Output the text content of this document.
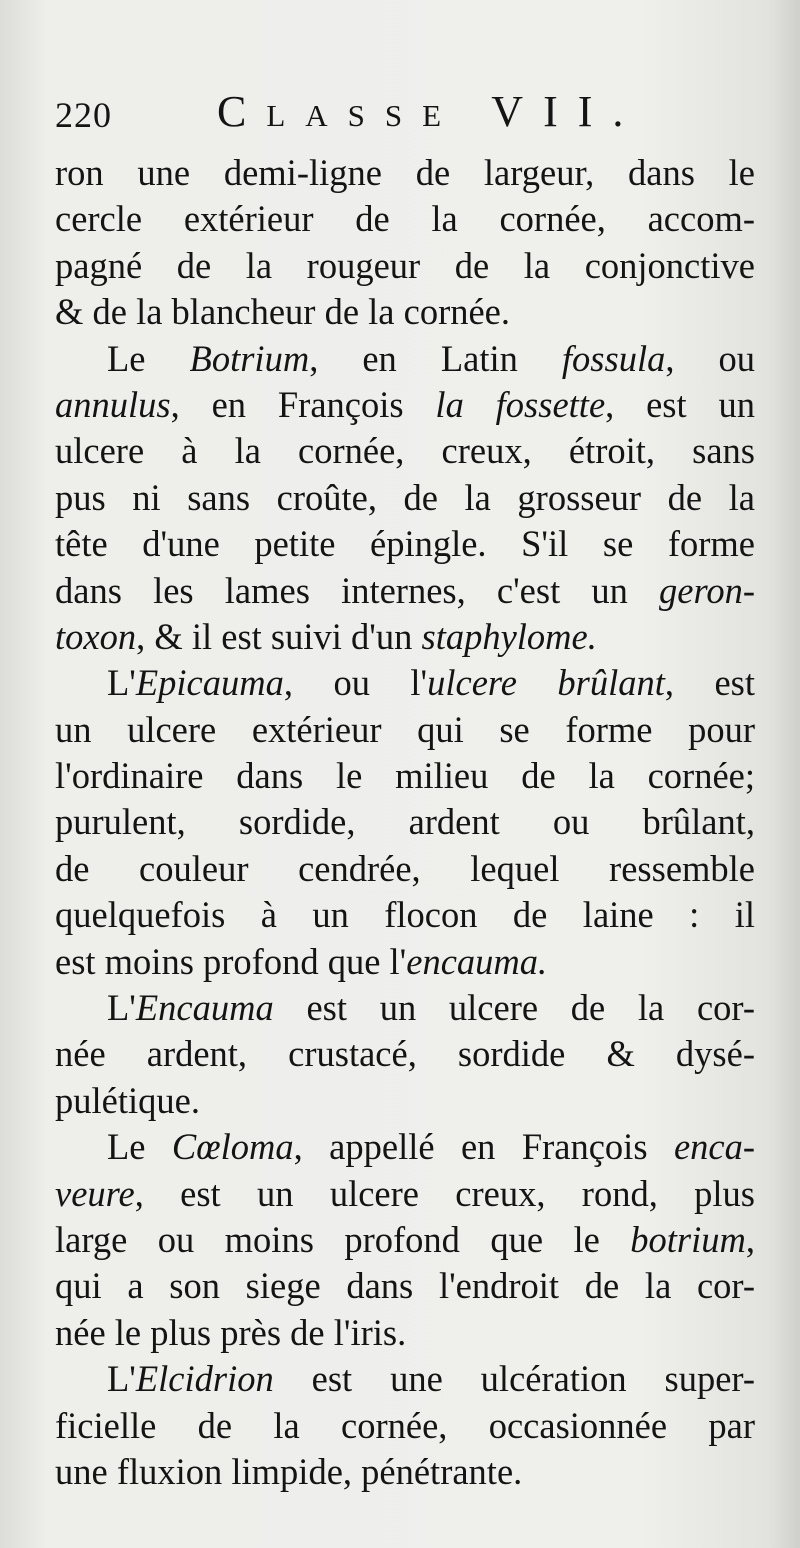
220 Classe VII.
ron une demi-ligne de largeur, dans le
cercle extérieur de la cornée, accom-
pagné de la rougeur de la conjonctive
& de la blancheur de la cornée.
Le Botrium, en Latin fossula, ou
annulus, en François la fossette, est un
ulcere à la cornée, creux, étroit, sans
pus ni sans croûte, de la grosseur de la
tête d'une petite épingle. S'il se forme
dans les lames internes, c'est un geron-
toxon, & il est suivi d'un staphylome.
L'Epicauma, ou l'ulcere brûlant, est
un ulcere extérieur qui se forme pour
l'ordinaire dans le milieu de la cornée;
purulent, sordide, ardent ou brûlant,
de couleur cendrée, lequel ressemble
quelquefois à un flocon de laine : il
est moins profond que l'encauma.
L'Encauma est un ulcere de la cor-
née ardent, crustacé, sordide & dysé-
pulétique.
Le Cœloma, appellé en François enca-
veure, est un ulcere creux, rond, plus
large ou moins profond que le botrium,
qui a son siege dans l'endroit de la cor-
née le plus près de l'iris.
L'Elcidrion est une ulcération super-
ficielle de la cornée, occasionnée par
une fluxion limpide, pénétrante.
